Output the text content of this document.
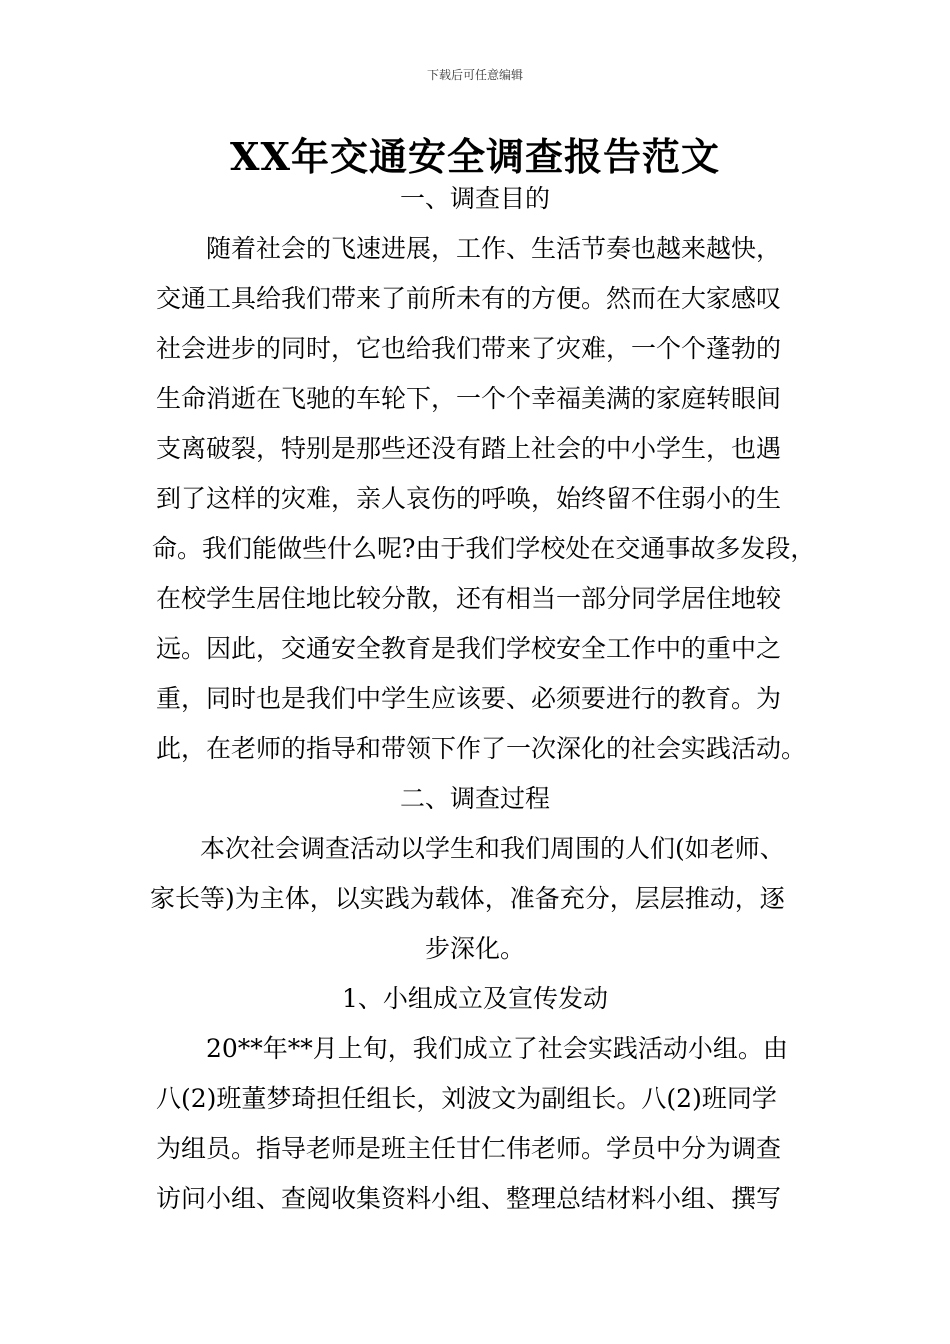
下载后可任意编辑
XX年交通安全调查报告范文
一、调查目的
随着社会的飞速进展，工作、生活节奏也越来越快，
交通工具给我们带来了前所未有的方便。然而在大家感叹
社会进步的同时，它也给我们带来了灾难，一个个蓬勃的
生命消逝在飞驰的车轮下，一个个幸福美满的家庭转眼间
支离破裂，特别是那些还没有踏上社会的中小学生，也遇
到了这样的灾难，亲人哀伤的呼唤，始终留不住弱小的生
命。我们能做些什么呢?由于我们学校处在交通事故多发段，
在校学生居住地比较分散，还有相当一部分同学居住地较
远。因此，交通安全教育是我们学校安全工作中的重中之
重，同时也是我们中学生应该要、必须要进行的教育。为
此，在老师的指导和带领下作了一次深化的社会实践活动。
二、调查过程
本次社会调查活动以学生和我们周围的人们(如老师、
家长等)为主体，以实践为载体，准备充分，层层推动，逐
步深化。
1、小组成立及宣传发动
20**年**月上旬，我们成立了社会实践活动小组。由
八(2)班董梦琦担任组长，刘波文为副组长。八(2)班同学
为组员。指导老师是班主任甘仁伟老师。学员中分为调查
访问小组、查阅收集资料小组、整理总结材料小组、撰写
